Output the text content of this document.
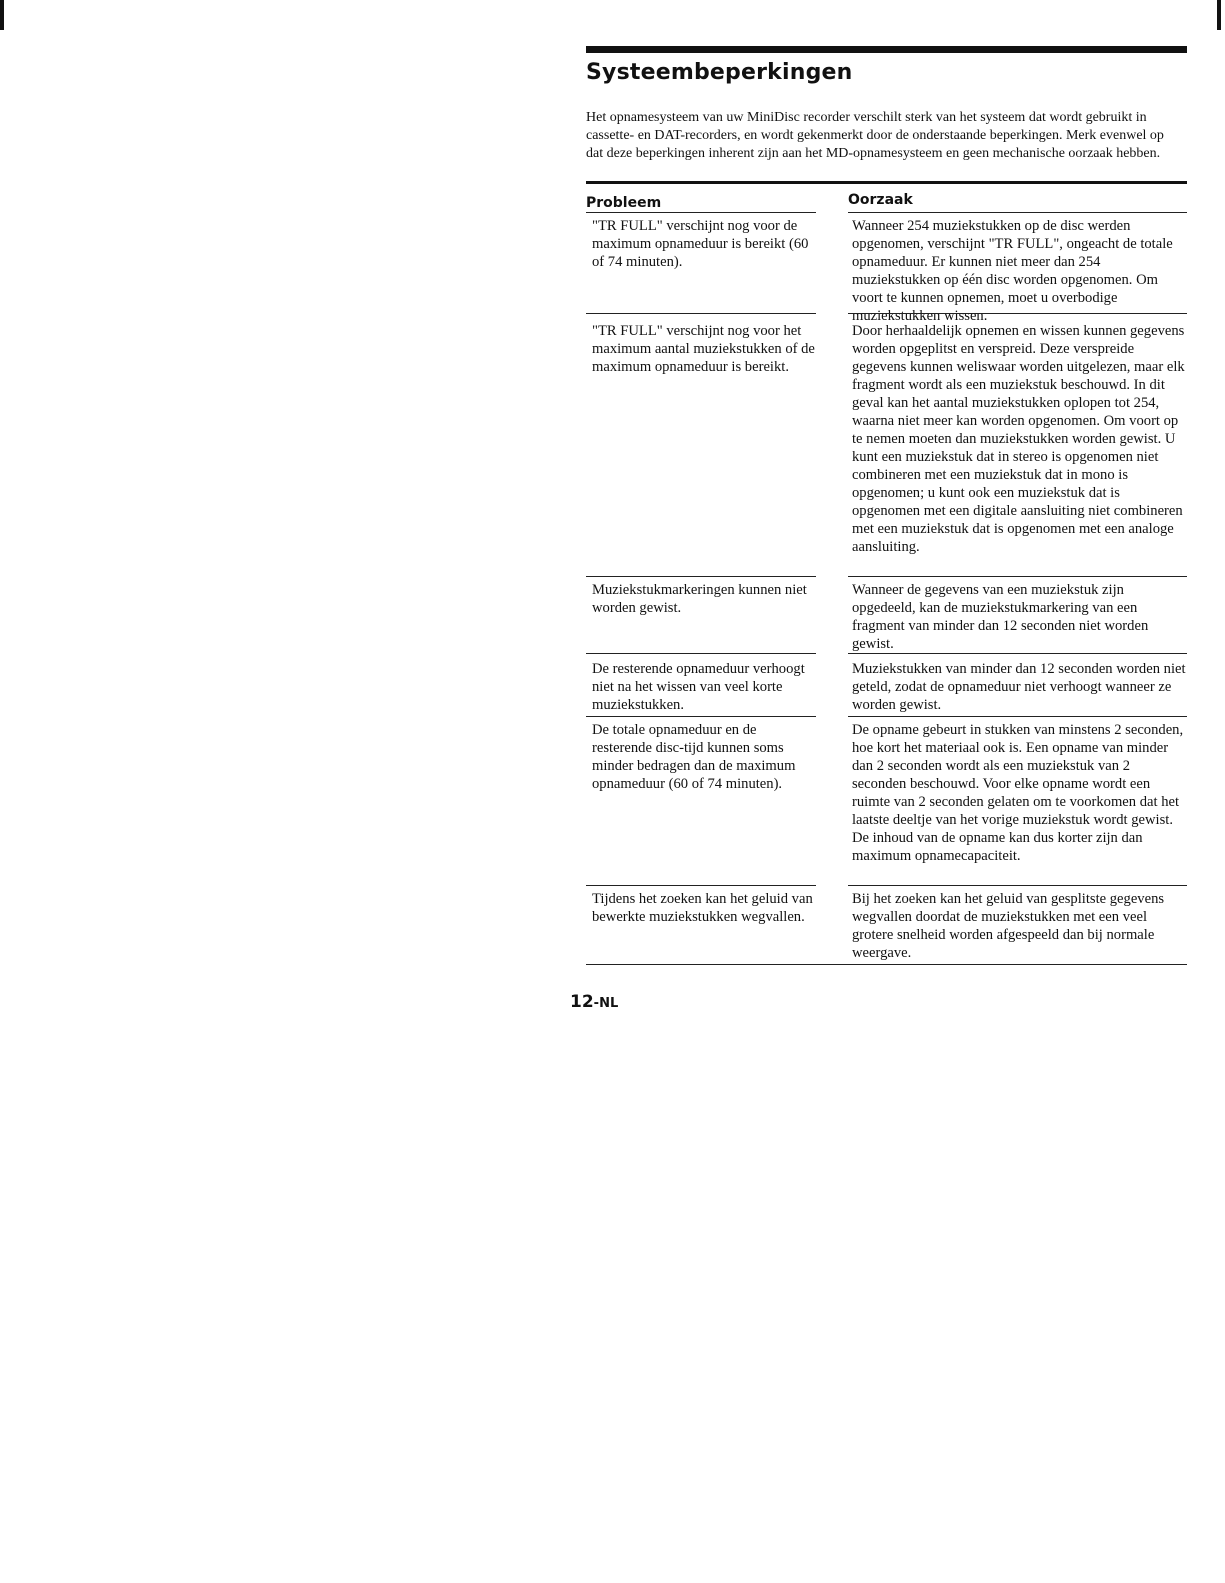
Systeembeperkingen

Het opnamesysteem van uw MiniDisc recorder verschilt sterk van het systeem dat wordt gebruikt in cassette- en DAT-recorders, en wordt gekenmerkt door de onderstaande beperkingen. Merk evenwel op dat deze beperkingen inherent zijn aan het MD-opnamesysteem en geen mechanische oorzaak hebben.

Probleem	Oorzaak
"TR FULL" verschijnt nog voor de maximum opnameduur is bereikt (60 of 74 minuten).
Wanneer 254 muziekstukken op de disc werden opgenomen, verschijnt "TR FULL", ongeacht de totale opnameduur. Er kunnen niet meer dan 254 muziekstukken op één disc worden opgenomen. Om voort te kunnen opnemen, moet u overbodige muziekstukken wissen.
"TR FULL" verschijnt nog voor het maximum aantal muziekstukken of de maximum opnameduur is bereikt.
Door herhaaldelijk opnemen en wissen kunnen gegevens worden opgeplitst en verspreid. Deze verspreide gegevens kunnen weliswaar worden uitgelezen, maar elk fragment wordt als een muziekstuk beschouwd. In dit geval kan het aantal muziekstukken oplopen tot 254, waarna niet meer kan worden opgenomen. Om voort op te nemen moeten dan muziekstukken worden gewist. U kunt een muziekstuk dat in stereo is opgenomen niet combineren met een muziekstuk dat in mono is opgenomen; u kunt ook een muziekstuk dat is opgenomen met een digitale aansluiting niet combineren met een muziekstuk dat is opgenomen met een analoge aansluiting.
Muziekstukmarkeringen kunnen niet worden gewist.
Wanneer de gegevens van een muziekstuk zijn opgedeeld, kan de muziekstukmarkering van een fragment van minder dan 12 seconden niet worden gewist.
De resterende opnameduur verhoogt niet na het wissen van veel korte muziekstukken.
Muziekstukken van minder dan 12 seconden worden niet geteld, zodat de opnameduur niet verhoogt wanneer ze worden gewist.
De totale opnameduur en de resterende disc-tijd kunnen soms minder bedragen dan de maximum opnameduur (60 of 74 minuten).
De opname gebeurt in stukken van minstens 2 seconden, hoe kort het materiaal ook is. Een opname van minder dan 2 seconden wordt als een muziekstuk van 2 seconden beschouwd. Voor elke opname wordt een ruimte van 2 seconden gelaten om te voorkomen dat het laatste deeltje van het vorige muziekstuk wordt gewist. De inhoud van de opname kan dus korter zijn dan maximum opnamecapaciteit.
Tijdens het zoeken kan het geluid van bewerkte muziekstukken wegvallen.
Bij het zoeken kan het geluid van gesplitste gegevens wegvallen doordat de muziekstukken met een veel grotere snelheid worden afgespeeld dan bij normale weergave.
12-NL
